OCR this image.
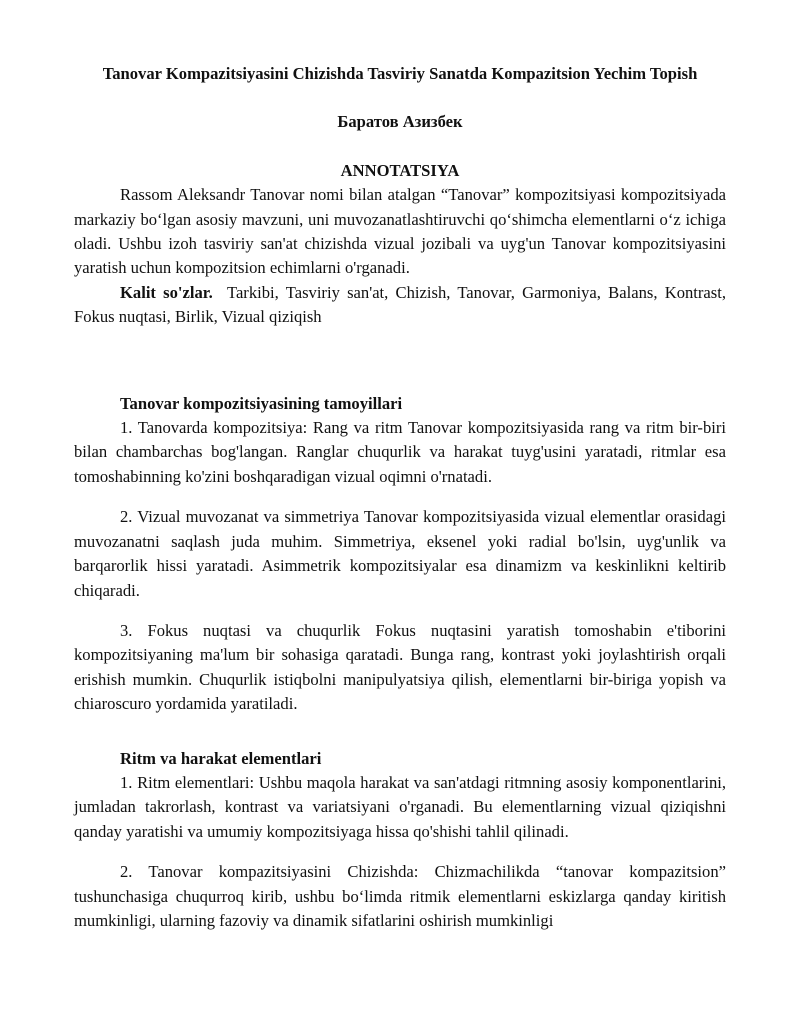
Tanovar Kompazitsiyasini Chizishda Tasviriy Sanatda Kompazitsion Yechim Topish
Баратов Азизбек
ANNOTATSIYA

Rassom Aleksandr Tanovar nomi bilan atalgan “Tanovar” kompozitsiyasi kompozitsiyada markaziy bo‘lgan asosiy mavzuni, uni muvozanatlashtiruvchi qo‘shimcha elementlarni o‘z ichiga oladi. Ushbu izoh tasviriy san'at chizishda vizual jozibali va uyg'un Tanovar kompozitsiyasini yaratish uchun kompozitsion echimlarni o'rganadi.

Kalit so'zlar. Tarkibi, Tasviriy san'at, Chizish, Tanovar, Garmoniya, Balans, Kontrast, Fokus nuqtasi, Birlik, Vizual qiziqish

Tanovar kompozitsiyasining tamoyillari

1. Tanovarda kompozitsiya: Rang va ritm Tanovar kompozitsiyasida rang va ritm bir-biri bilan chambarchas bog'langan. Ranglar chuqurlik va harakat tuyg'usini yaratadi, ritmlar esa tomoshabinning ko'zini boshqaradigan vizual oqimni o'rnatadi.

2. Vizual muvozanat va simmetriya Tanovar kompozitsiyasida vizual elementlar orasidagi muvozanatni saqlash juda muhim. Simmetriya, eksenel yoki radial bo'lsin, uyg'unlik va barqarorlik hissi yaratadi. Asimmetrik kompozitsiyalar esa dinamizm va keskinlikni keltirib chiqaradi.

3. Fokus nuqtasi va chuqurlik Fokus nuqtasini yaratish tomoshabin e'tiborini kompozitsiyaning ma'lum bir sohasiga qaratadi. Bunga rang, kontrast yoki joylashtirish orqali erishish mumkin. Chuqurlik istiqbolni manipulyatsiya qilish, elementlarni bir-biriga yopish va chiaroscuro yordamida yaratiladi.

Ritm va harakat elementlari

1. Ritm elementlari: Ushbu maqola harakat va san'atdagi ritmning asosiy komponentlarini, jumladan takrorlash, kontrast va variatsiyani o'rganadi. Bu elementlarning vizual qiziqishni qanday yaratishi va umumiy kompozitsiyaga hissa qo'shishi tahlil qilinadi.

2. Tanovar kompazitsiyasini Chizishda: Chizmachilikda “tanovar kompazitsion” tushunchasiga chuqurroq kirib, ushbu bo‘limda ritmik elementlarni eskizlarga qanday kiritish mumkinligi, ularning fazoviy va dinamik sifatlarini oshirish mumkinligi
